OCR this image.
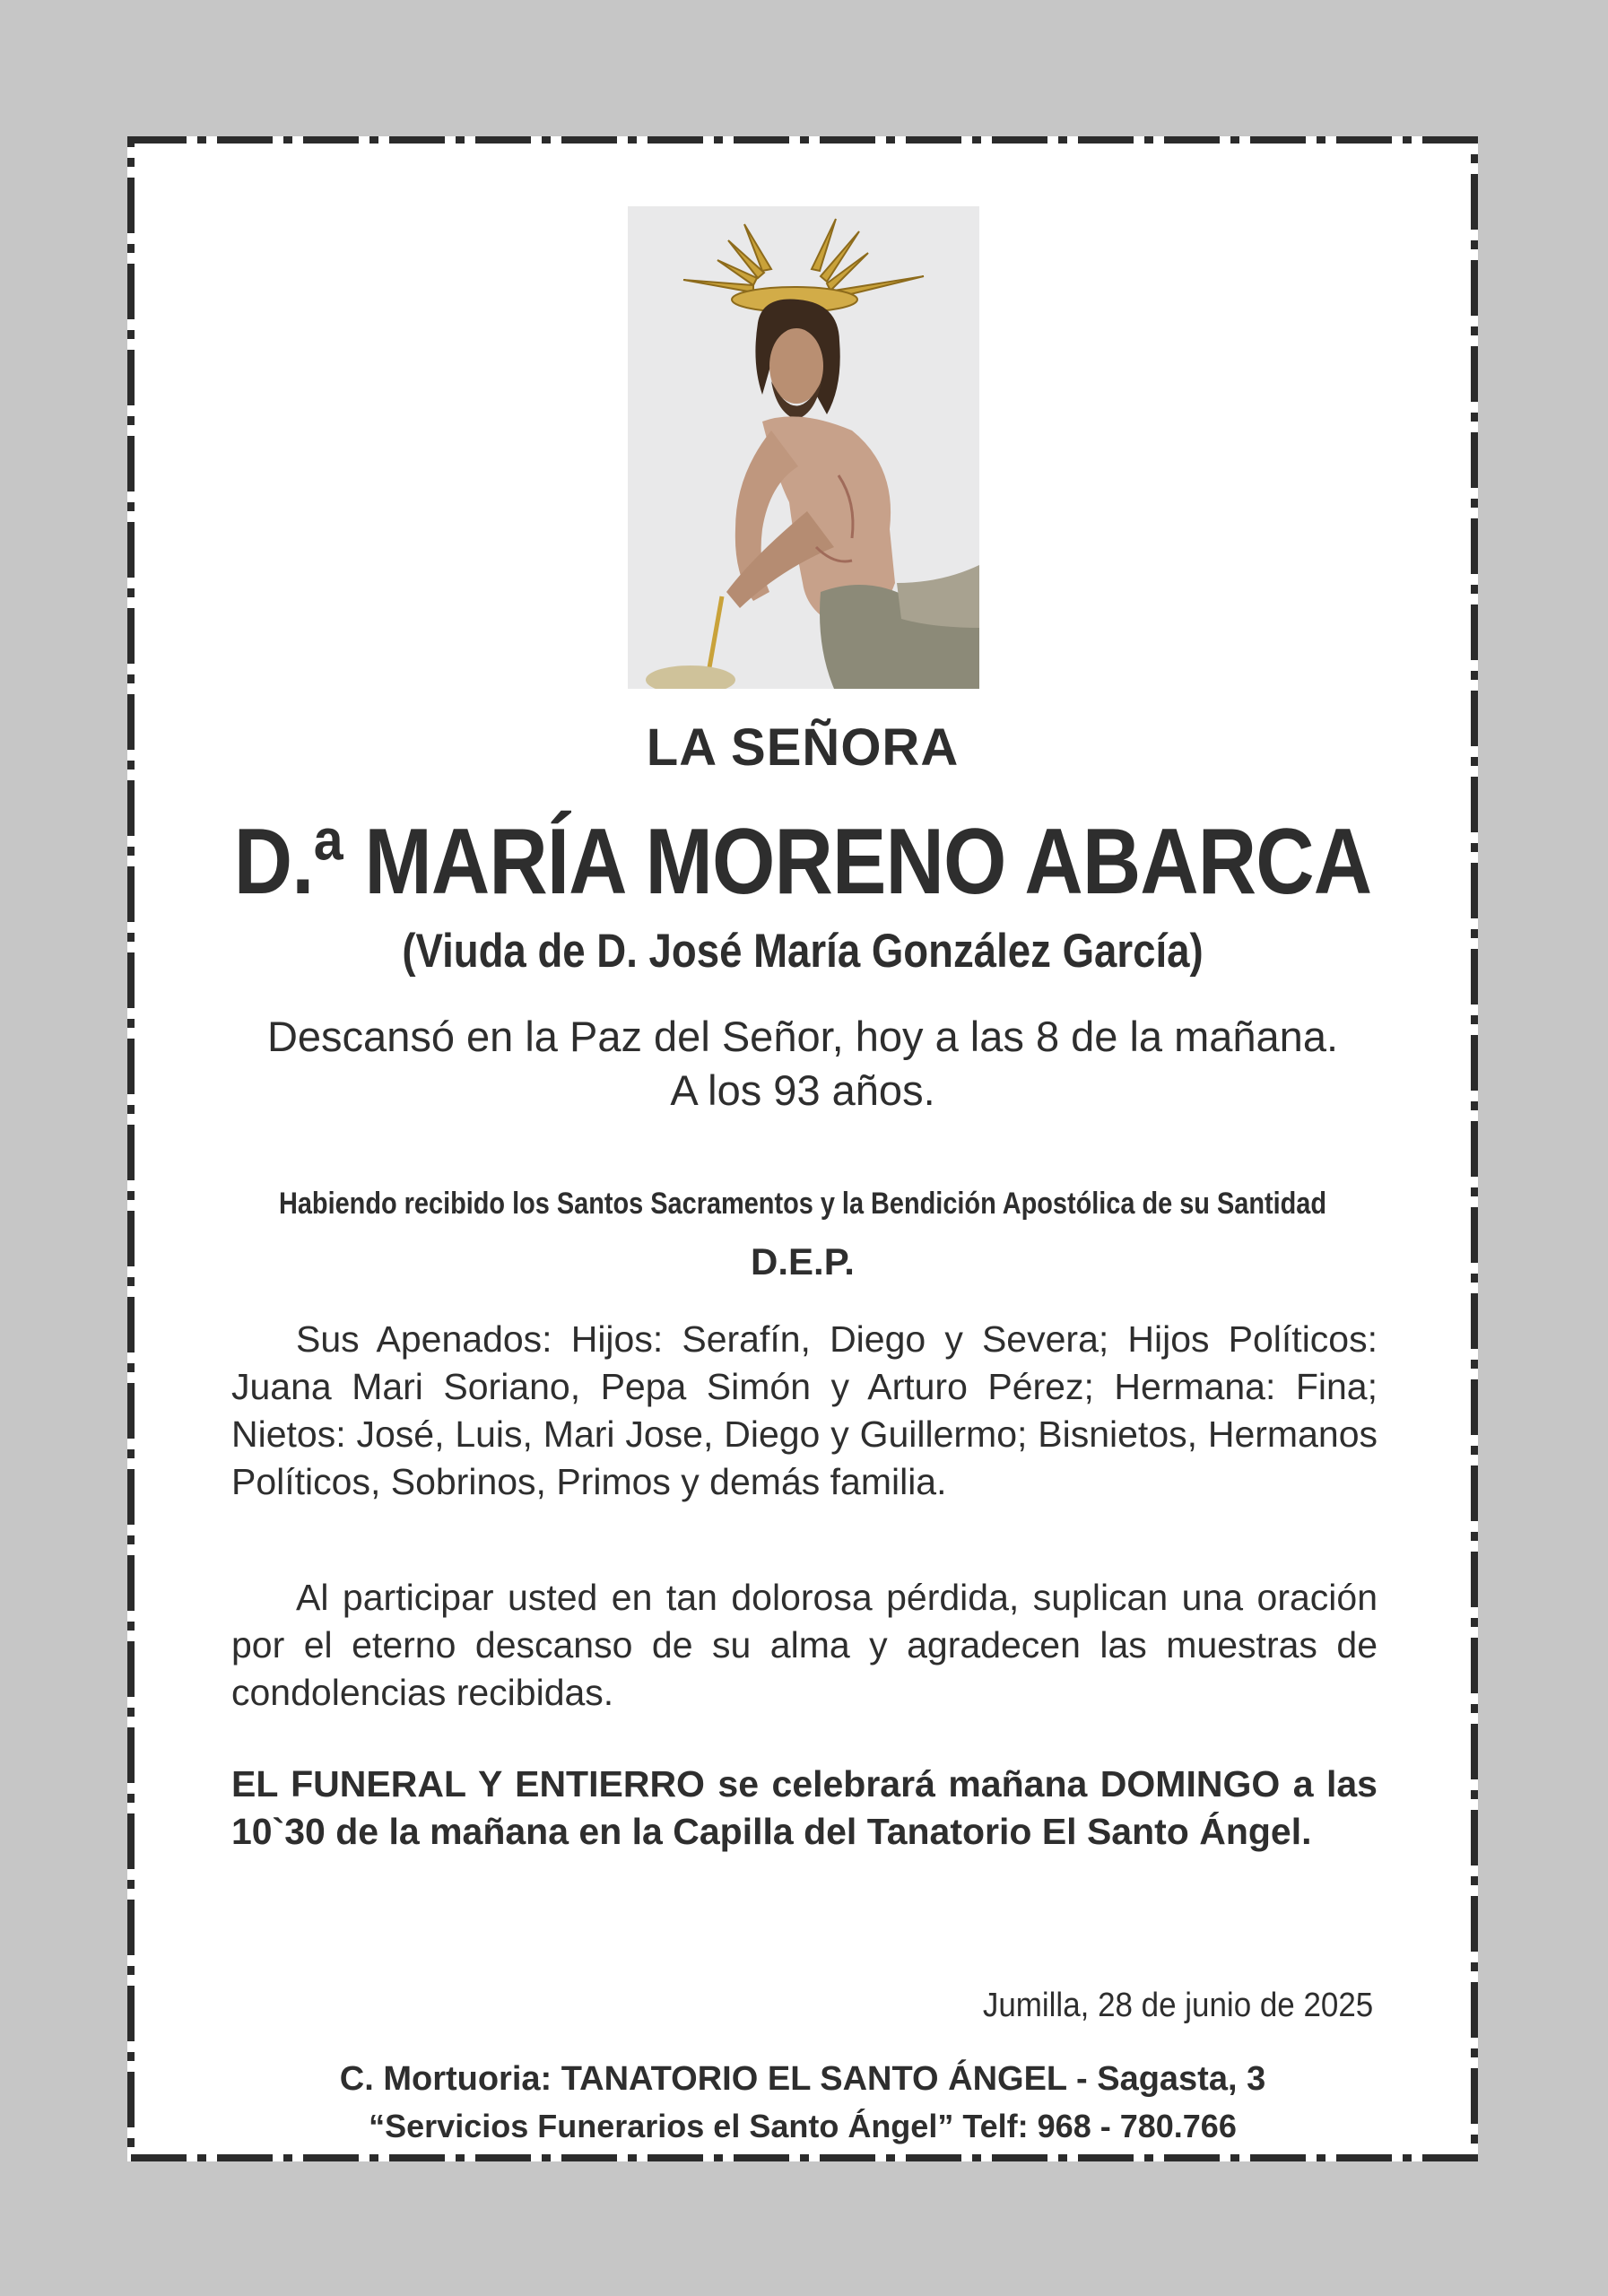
LA SEÑORA
D.ª MARÍA MORENO ABARCA
(Viuda de D. José María González García)
Descansó en la Paz del Señor, hoy a las 8 de la mañana.
A los 93 años.
Habiendo recibido los Santos Sacramentos y la Bendición Apostólica de su Santidad
D.E.P.
Sus Apenados: Hijos: Serafín, Diego y Severa; Hijos Políticos: Juana Mari Soriano, Pepa Simón y Arturo Pérez; Hermana: Fina; Nietos: José, Luis, Mari Jose, Diego y Guillermo; Bisnietos, Hermanos Políticos, Sobrinos, Primos y demás familia.
Al participar usted en tan dolorosa pérdida, suplican una oración por el eterno descanso de su alma y agradecen las muestras de condolencias recibidas.
EL FUNERAL Y ENTIERRO se celebrará mañana DOMINGO a las 10`30 de la mañana en la Capilla del Tanatorio El Santo Ángel.
Jumilla, 28 de junio de 2025
C. Mortuoria: TANATORIO EL SANTO ÁNGEL - Sagasta, 3
“Servicios Funerarios el Santo Ángel” Telf: 968 - 780.766
